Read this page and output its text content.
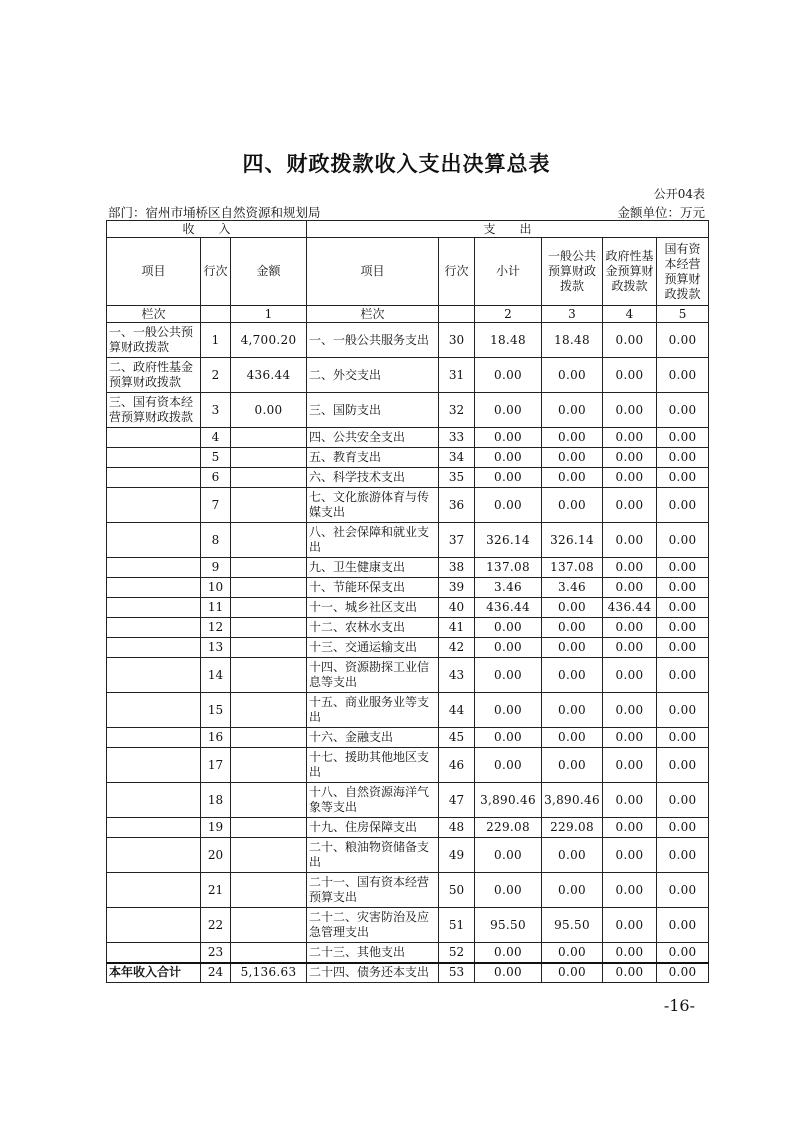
四、财政拨款收入支出决算总表
公开04表
部门：宿州市埇桥区自然资源和规划局	金额单位：万元
收　　入			支　　出					
项目	行次	金额	项目	行次	小计	一般公共预算财政拨款	政府性基金预算财政拨款	国有资本经营预算财政拨款
栏次		1	栏次		2	3	4	5
一、一般公共预算财政拨款	1	4,700.20	一、一般公共服务支出	30	18.48	18.48	0.00	0.00
二、政府性基金预算财政拨款	2	436.44	二、外交支出	31	0.00	0.00	0.00	0.00
三、国有资本经营预算财政拨款	3	0.00	三、国防支出	32	0.00	0.00	0.00	0.00
	4		四、公共安全支出	33	0.00	0.00	0.00	0.00
	5		五、教育支出	34	0.00	0.00	0.00	0.00
	6		六、科学技术支出	35	0.00	0.00	0.00	0.00
	7		七、文化旅游体育与传媒支出	36	0.00	0.00	0.00	0.00
	8		八、社会保障和就业支出	37	326.14	326.14	0.00	0.00
	9		九、卫生健康支出	38	137.08	137.08	0.00	0.00
	10		十、节能环保支出	39	3.46	3.46	0.00	0.00
	11		十一、城乡社区支出	40	436.44	0.00	436.44	0.00
	12		十二、农林水支出	41	0.00	0.00	0.00	0.00
	13		十三、交通运输支出	42	0.00	0.00	0.00	0.00
	14		十四、资源勘探工业信息等支出	43	0.00	0.00	0.00	0.00
	15		十五、商业服务业等支出	44	0.00	0.00	0.00	0.00
	16		十六、金融支出	45	0.00	0.00	0.00	0.00
	17		十七、援助其他地区支出	46	0.00	0.00	0.00	0.00
	18		十八、自然资源海洋气象等支出	47	3,890.46	3,890.46	0.00	0.00
	19		十九、住房保障支出	48	229.08	229.08	0.00	0.00
	20		二十、粮油物资储备支出	49	0.00	0.00	0.00	0.00
	21		二十一、国有资本经营预算支出	50	0.00	0.00	0.00	0.00
	22		二十二、灾害防治及应急管理支出	51	95.50	95.50	0.00	0.00
	23		二十三、其他支出	52	0.00	0.00	0.00	0.00
本年收入合计	24	5,136.63	二十四、债务还本支出	53	0.00	0.00	0.00	0.00
-16-
